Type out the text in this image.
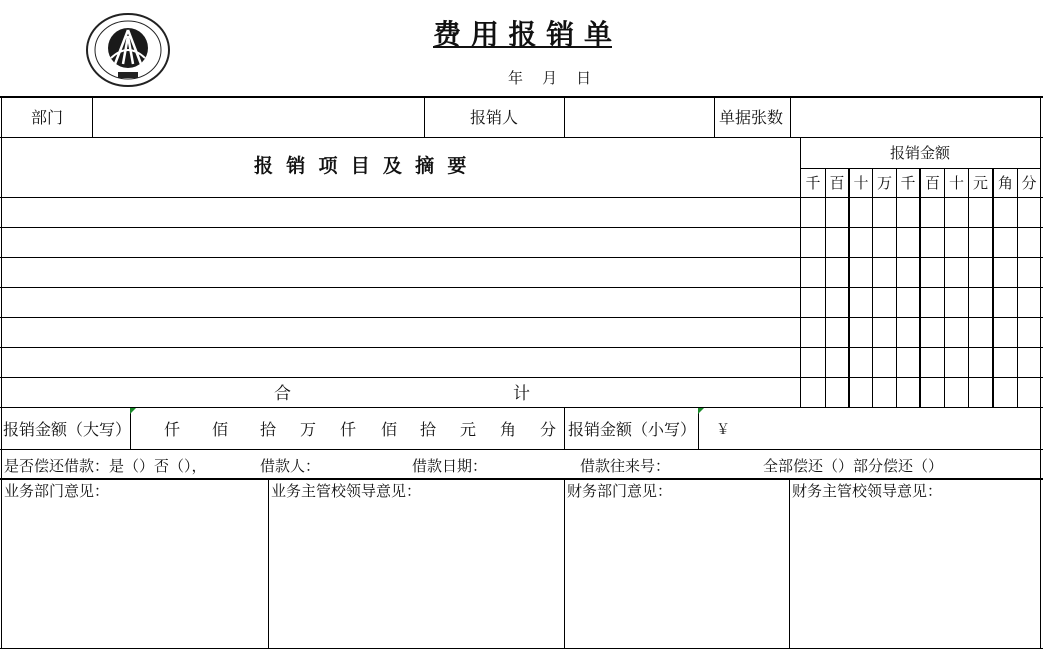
费 用 报 销 单
年    月    日
部门	报销人	单据张数
报  销  项  目  及  摘  要
报销金额
千 百 十 万 千 百 十 元 角 分
合	计
报销金额（大写） 仟 佰 拾 万 仟 佰 拾 元 角 分 报销金额（小写） ￥
是否偿还借款：是（）否（），	借款人：	借款日期：	借款往来号：	全部偿还（）部分偿还（）
业务部门意见：	业务主管校领导意见：	财务部门意见：	财务主管校领导意见：
